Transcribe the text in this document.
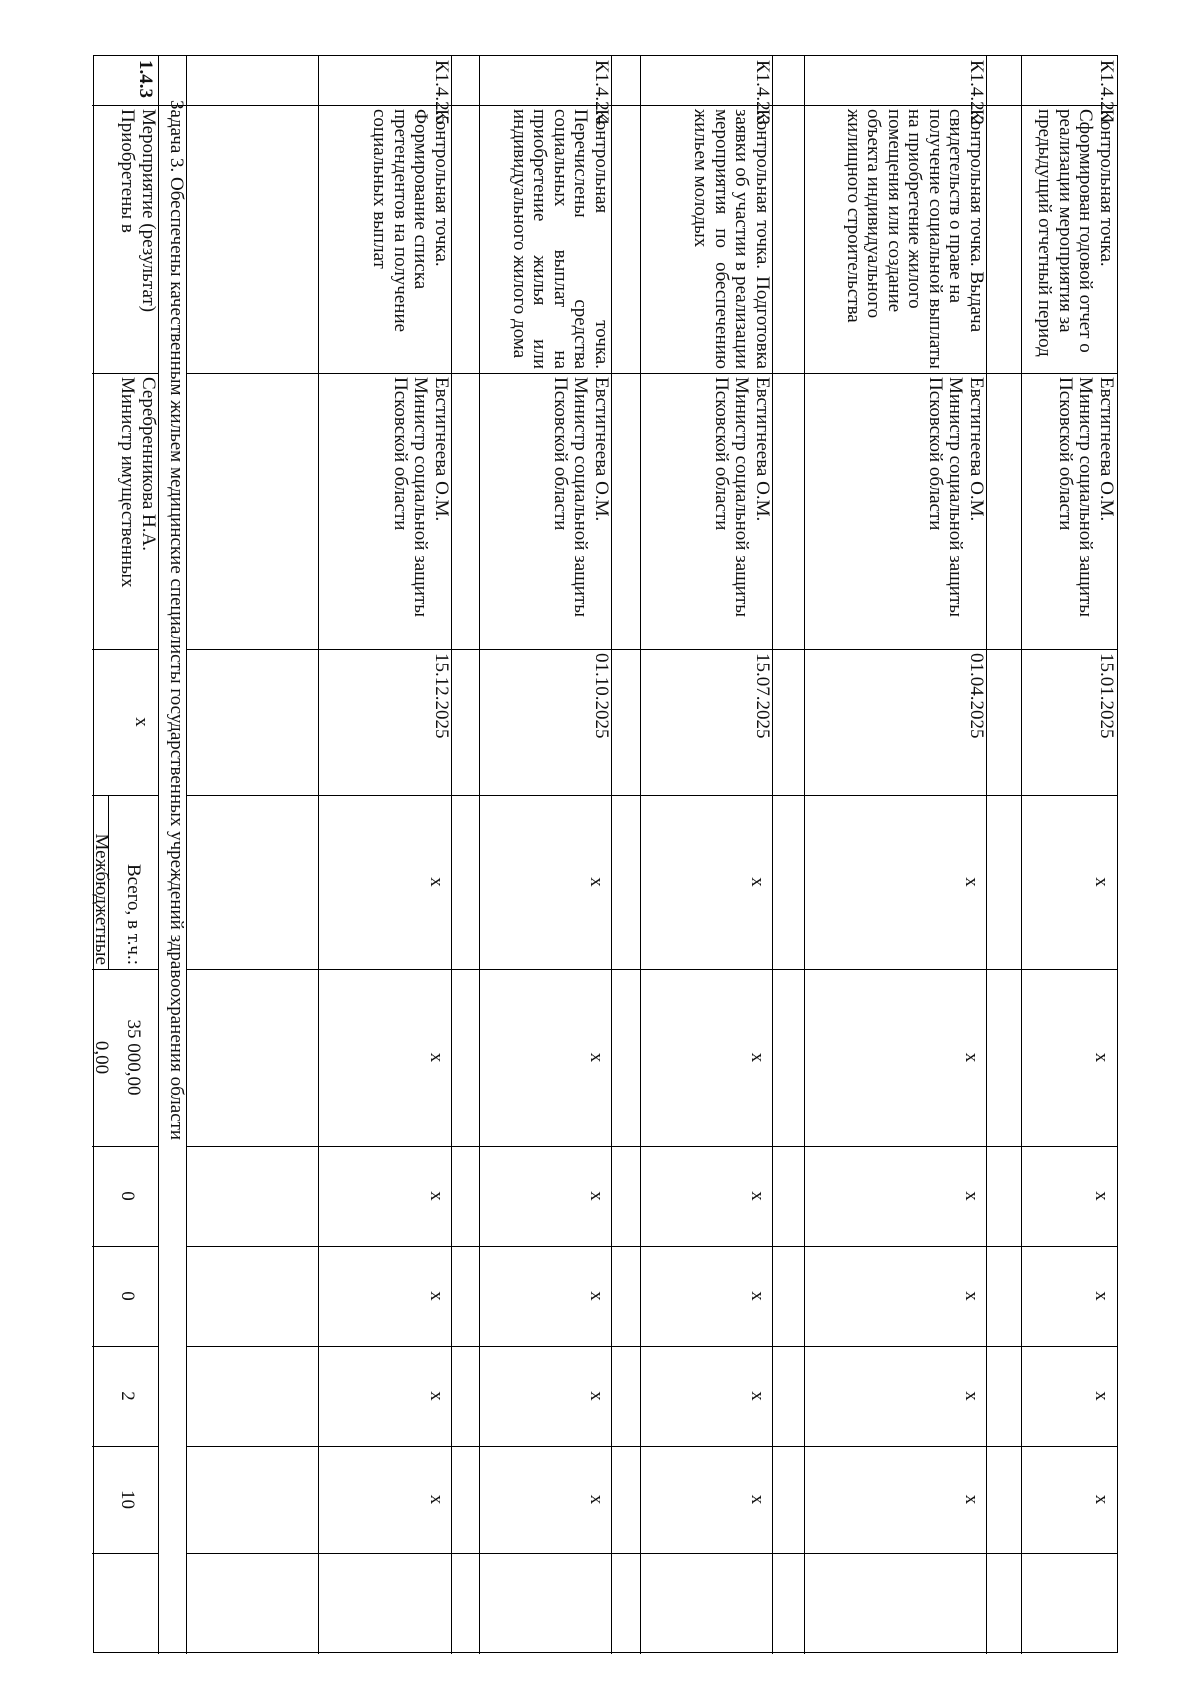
К1.4.2.1
Контрольная точка. Сформирован годовой отчет о реализации мероприятия за предыдущий отчетный период
Евстигнеева О.М.
Министр социальной защиты Псковской области
15.01.2025
x
x
x
x
x
x
К1.4.2.2
Контрольная точка. Выдача свидетельств о праве на получение социальной выплаты на приобретение жилого помещения или создание объекта индивидуального жилищного строительства
Евстигнеева О.М.
Министр социальной защиты Псковской области
01.04.2025
x
x
x
x
x
x
К1.4.2.3
Контрольная точка. Подготовка заявки об участии в реализации мероприятия по обеспечению жильем молодых
Евстигнеева О.М.
Министр социальной защиты Псковской области
15.07.2025
x
x
x
x
x
x
К1.4.2.4
Контрольная точка. Перечислены средства социальных выплат на приобретение жилья или индивидуального жилого дома
Евстигнеева О.М.
Министр социальной защиты Псковской области
01.10.2025
x
x
x
x
x
x
К1.4.2.5
Контрольная точка. Формирование списка претендентов на получение социальных выплат
Евстигнеева О.М.
Министр социальной защиты Псковской области
15.12.2025
x
x
x
x
x
x
Задача 3. Обеспечены качественным жильем медицинские специалисты государственных учреждений здравоохранения области
1.4.3
Мероприятие (результат)
Приобретены в
Серебренникова Н.А.
Министр имущественных
x
Всего, в т.ч.:
Межбюджетные
35 000,00
0,00
0
0
2
10
